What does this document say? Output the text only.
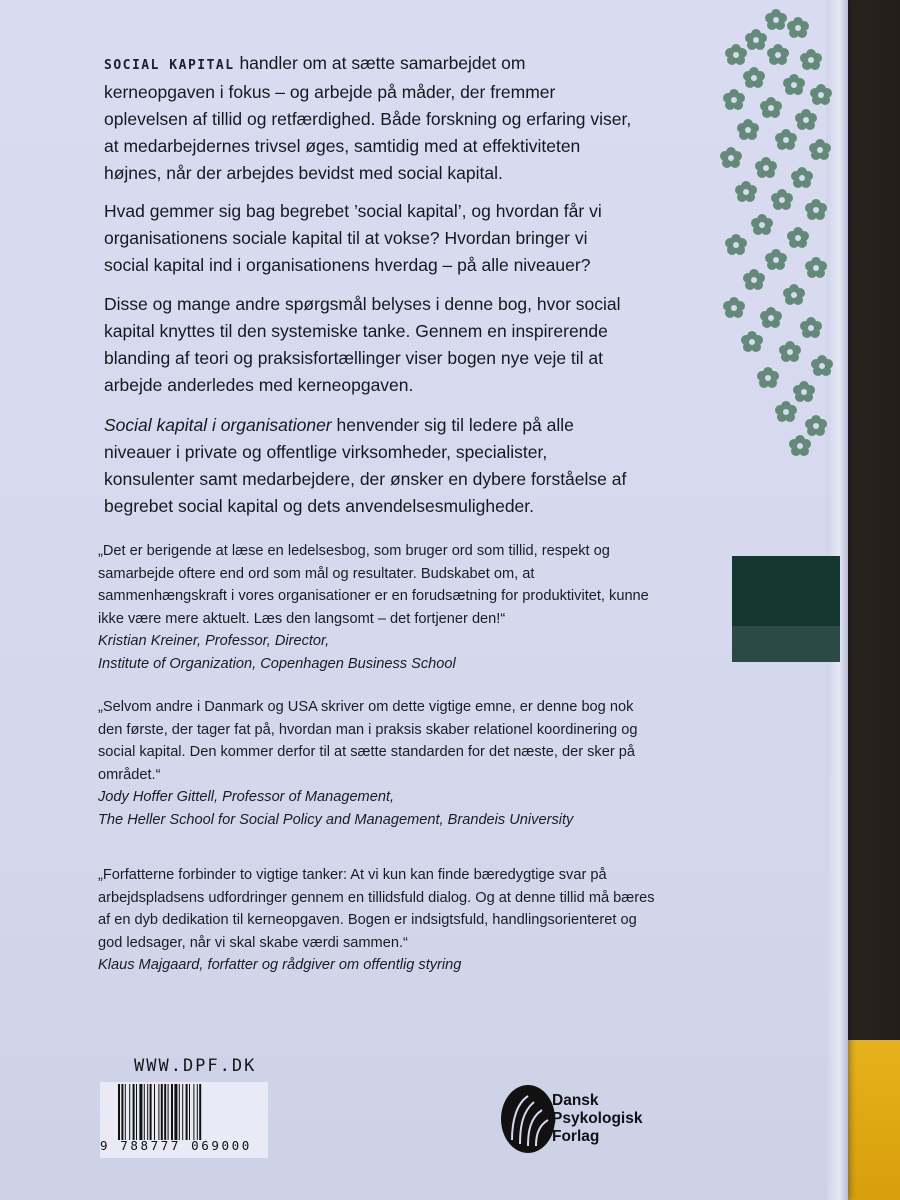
SOCIAL KAPITAL handler om at sætte samarbejdet om kerneopgaven i fokus – og arbejde på måder, der fremmer oplevelsen af tillid og retfærdighed. Både forskning og erfaring viser, at medarbejdernes trivsel øges, samtidig med at effektiviteten højnes, når der arbejdes bevidst med social kapital.

Hvad gemmer sig bag begrebet ’social kapital’, og hvordan får vi organisationens sociale kapital til at vokse? Hvordan bringer vi social kapital ind i organisationens hverdag – på alle niveauer?

Disse og mange andre spørgsmål belyses i denne bog, hvor social kapital knyttes til den systemiske tanke. Gennem en inspirerende blanding af teori og praksisfortællinger viser bogen nye veje til at arbejde anderledes med kerneopgaven.

Social kapital i organisationer henvender sig til ledere på alle niveauer i private og offentlige virksomheder, specialister, konsulenter samt medarbejdere, der ønsker en dybere forståelse af begrebet social kapital og dets anvendelsesmuligheder.

„Det er berigende at læse en ledelsesbog, som bruger ord som tillid, respekt og samarbejde oftere end ord som mål og resultater. Budskabet om, at sammenhængskraft i vores organisationer er en forudsætning for produktivitet, kunne ikke være mere aktuelt. Læs den langsomt – det fortjener den!“
Kristian Kreiner, Professor, Director,
Institute of Organization, Copenhagen Business School

„Selvom andre i Danmark og USA skriver om dette vigtige emne, er denne bog nok den første, der tager fat på, hvordan man i praksis skaber relationel koordinering og social kapital. Den kommer derfor til at sætte standarden for det næste, der sker på området.“
Jody Hoffer Gittell, Professor of Management,
The Heller School for Social Policy and Management, Brandeis University

„Forfatterne forbinder to vigtige tanker: At vi kun kan finde bæredygtige svar på arbejdspladsens udfordringer gennem en tillidsfuld dialog. Og at denne tillid må bæres af en dyb dedikation til kerneopgaven. Bogen er indsigtsfuld, handlingsorienteret og god ledsager, når vi skal skabe værdi sammen.“
Klaus Majgaard, forfatter og rådgiver om offentlig styring

WWW.DPF.DK
9 788777 069000
Dansk
Psykologisk
Forlag
